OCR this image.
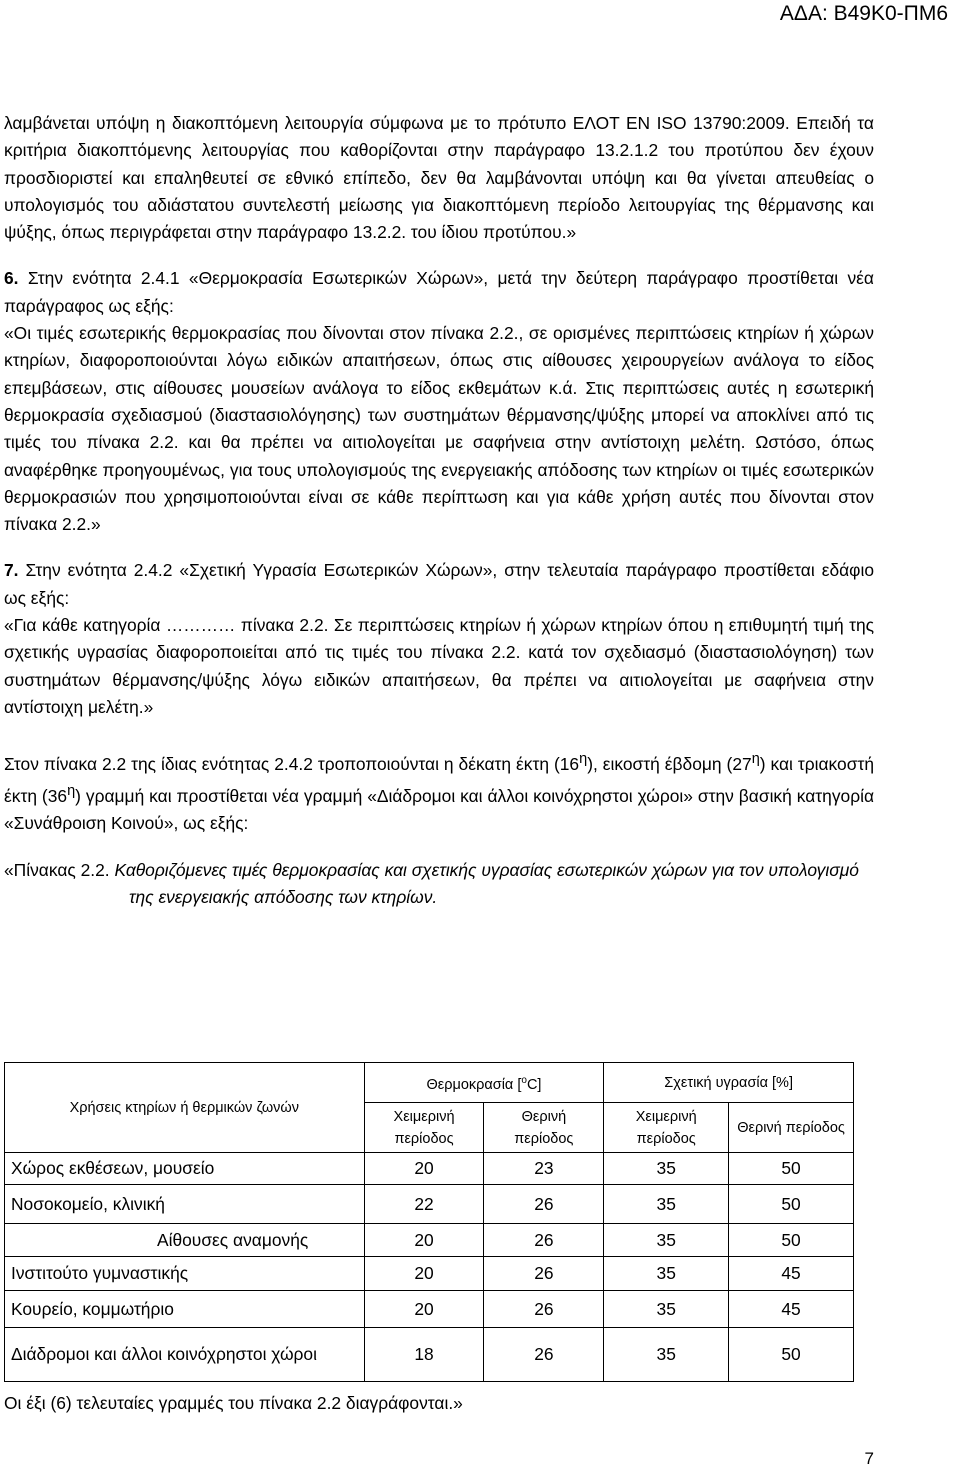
ΑΔΑ: Β49Κ0-ΠΜ6

λαμβάνεται υπόψη η διακοπτόμενη λειτουργία σύμφωνα με το πρότυπο ΕΛΟΤ ΕΝ ISO 13790:2009. Επειδή τα κριτήρια διακοπτόμενης λειτουργίας που καθορίζονται στην παράγραφο 13.2.1.2 του προτύπου δεν έχουν προσδιοριστεί και επαληθευτεί σε εθνικό επίπεδο, δεν θα λαμβάνονται υπόψη και θα γίνεται απευθείας ο υπολογισμός του αδιάστατου συντελεστή μείωσης για διακοπτόμενη περίοδο λειτουργίας της θέρμανσης και ψύξης, όπως περιγράφεται στην παράγραφο 13.2.2. του ίδιου προτύπου.»

6. Στην ενότητα 2.4.1 «Θερμοκρασία Εσωτερικών Χώρων», μετά την δεύτερη παράγραφο προστίθεται νέα παράγραφος ως εξής:

«Οι τιμές εσωτερικής θερμοκρασίας που δίνονται στον πίνακα 2.2., σε ορισμένες περιπτώσεις κτηρίων ή χώρων κτηρίων, διαφοροποιούνται λόγω ειδικών απαιτήσεων, όπως στις αίθουσες χειρουργείων ανάλογα το είδος επεμβάσεων, στις αίθουσες μουσείων ανάλογα το είδος εκθεμάτων κ.ά. Στις περιπτώσεις αυτές η εσωτερική θερμοκρασία σχεδιασμού (διαστασιολόγησης) των συστημάτων θέρμανσης/ψύξης μπορεί να αποκλίνει από τις τιμές του πίνακα 2.2. και θα πρέπει να αιτιολογείται με σαφήνεια στην αντίστοιχη μελέτη. Ωστόσο, όπως αναφέρθηκε προηγουμένως, για τους υπολογισμούς της ενεργειακής απόδοσης των κτηρίων οι τιμές εσωτερικών θερμοκρασιών που χρησιμοποιούνται είναι σε κάθε περίπτωση και για κάθε χρήση αυτές που δίνονται στον πίνακα 2.2.»

7. Στην ενότητα 2.4.2 «Σχετική Υγρασία Εσωτερικών Χώρων», στην τελευταία παράγραφο προστίθεται εδάφιο ως εξής:

«Για κάθε κατηγορία ………… πίνακα 2.2. Σε περιπτώσεις κτηρίων ή χώρων κτηρίων όπου η επιθυμητή τιμή της σχετικής υγρασίας διαφοροποιείται από τις τιμές του πίνακα 2.2. κατά τον σχεδιασμό (διαστασιολόγηση) των συστημάτων θέρμανσης/ψύξης λόγω ειδικών απαιτήσεων, θα πρέπει να αιτιολογείται με σαφήνεια στην αντίστοιχη μελέτη.»

Στον πίνακα 2.2 της ίδιας ενότητας 2.4.2 τροποποιούνται η δέκατη έκτη $(16^\eta)$, εικοστή έβδομη $(27^\eta)$ και τριακοστή έκτη $(36^\eta)$ γραμμή και προστίθεται νέα γραμμή «Διάδρομοι και άλλοι κοινόχρηστοι χώροι» στην βασική κατηγορία «Συνάθροιση Κοινού», ως εξής:

«Πίνακας 2.2. Καθοριζόμενες τιμές θερμοκρασίας και σχετικής υγρασίας εσωτερικών χώρων για τον υπολογισμό της ενεργειακής απόδοσης των κτηρίων.

Χρήσεις κτηρίων ή θερμικών ζωνών	Θερμοκρασία [$^o$C]		Σχετική υγρασία [%]	
	Χειμερινή περίοδος	Θερινή περίοδος	Χειμερινή περίοδος	Θερινή περίοδος
Χώρος εκθέσεων, μουσείο	20	23	35	50
Νοσοκομείο, κλινική	22	26	35	50
Αίθουσες αναμονής	20	26	35	50
Ινστιτούτο γυμναστικής	20	26	35	45
Κουρείο, κομμωτήριο	20	26	35	45
Διάδρομοι και άλλοι κοινόχρηστοι χώροι	18	26	35	50
Οι έξι (6) τελευταίες γραμμές του πίνακα 2.2 διαγράφονται.»
7
